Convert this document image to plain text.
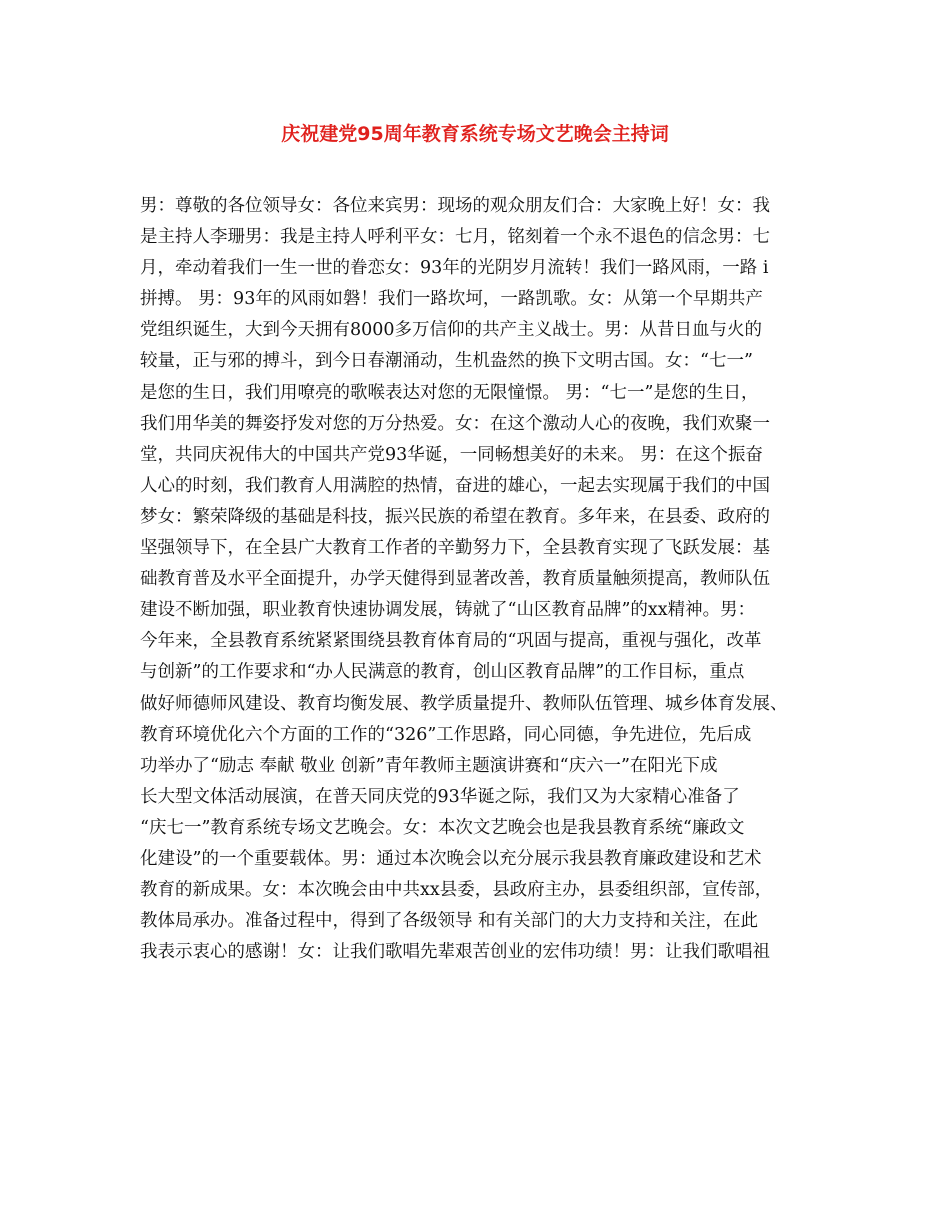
庆祝建党95周年教育系统专场文艺晚会主持词
男：尊敬的各位领导女：各位来宾男：现场的观众朋友们合：大家晚上好！女：我
是主持人李珊男：我是主持人呼利平女：七月，铭刻着一个永不退色的信念男：七
月，牵动着我们一生一世的眷恋女：93年的光阴岁月流转！我们一路风雨，一路 i
拼搏。 男：93年的风雨如磐！我们一路坎坷，一路凯歌。女：从第一个早期共产
党组织诞生，大到今天拥有8000多万信仰的共产主义战士。男：从昔日血与火的
较量，正与邪的搏斗，到今日春潮涌动，生机盎然的换下文明古国。女：“七一”
是您的生日，我们用嘹亮的歌喉表达对您的无限憧憬。 男：“七一”是您的生日，
我们用华美的舞姿抒发对您的万分热爱。女：在这个激动人心的夜晚，我们欢聚一
堂，共同庆祝伟大的中国共产党93华诞，一同畅想美好的未来。 男：在这个振奋
人心的时刻，我们教育人用满腔的热情，奋进的雄心，一起去实现属于我们的中国
梦女：繁荣降级的基础是科技，振兴民族的希望在教育。多年来，在县委、政府的
坚强领导下，在全县广大教育工作者的辛勤努力下，全县教育实现了飞跃发展：基
础教育普及水平全面提升，办学天健得到显著改善，教育质量触须提高，教师队伍
建设不断加强，职业教育快速协调发展，铸就了“山区教育品牌”的xx精神。男：
今年来，全县教育系统紧紧围绕县教育体育局的“巩固与提高，重视与强化，改革
与创新”的工作要求和“办人民满意的教育，创山区教育品牌”的工作目标，重点
做好师德师风建设、教育均衡发展、教学质量提升、教师队伍管理、城乡体育发展、
教育环境优化六个方面的工作的“326”工作思路，同心同德，争先进位，先后成
功举办了“励志 奉献 敬业 创新”青年教师主题演讲赛和“庆六一”在阳光下成
长大型文体活动展演，在普天同庆党的93华诞之际，我们又为大家精心准备了
“庆七一”教育系统专场文艺晚会。女：本次文艺晚会也是我县教育系统“廉政文
化建设”的一个重要载体。男：通过本次晚会以充分展示我县教育廉政建设和艺术
教育的新成果。女：本次晚会由中共xx县委，县政府主办，县委组织部，宣传部，
教体局承办。准备过程中，得到了各级领导 和有关部门的大力支持和关注，在此
我表示衷心的感谢！女：让我们歌唱先辈艰苦创业的宏伟功绩！男：让我们歌唱祖
